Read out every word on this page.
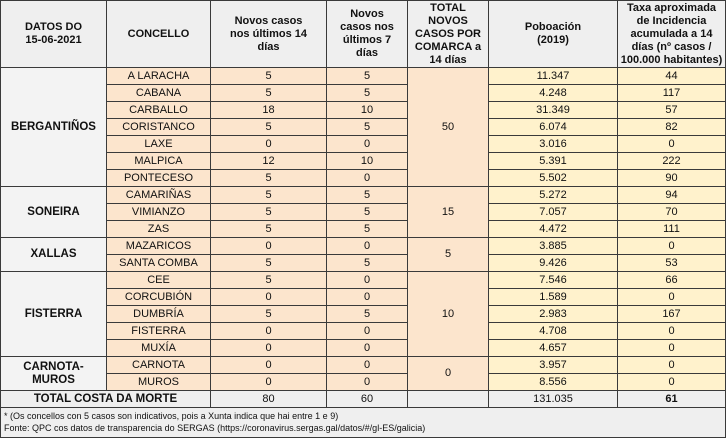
DATOS DO
15-06-2021	CONCELLO	Novos casos nos últimos 14 días	Novos casos nos últimos 7 días	TOTAL NOVOS CASOS POR COMARCA a 14 días	Poboación (2019)	Taxa aproximada de Incidencia acumulada a 14 días (nº casos / 100.000 habitantes)
BERGANTIÑOS	A LARACHA	5	5	50	11.347	44
	CABANA	5	5		4.248	117
	CARBALLO	18	10		31.349	57
	CORISTANCO	5	5		6.074	82
	LAXE	0	0		3.016	0
	MALPICA	12	10		5.391	222
	PONTECESO	5	0		5.502	90
SONEIRA	CAMARIÑAS	5	5	15	5.272	94
	VIMIANZO	5	5		7.057	70
	ZAS	5	5		4.472	111
XALLAS	MAZARICOS	0	0	5	3.885	0
	SANTA COMBA	5	5		9.426	53
FISTERRA	CEE	5	0	10	7.546	66
	CORCUBIÓN	0	0		1.589	0
	DUMBRÍA	5	5		2.983	167
	FISTERRA	0	0		4.708	0
	MUXÍA	0	0		4.657	0
CARNOTA-MUROS	CARNOTA	0	0	0	3.957	0
	MUROS	0	0		8.556	0
TOTAL COSTA DA MORTE		80	60		131.035	61

* (Os concellos con 5 casos son indicativos, pois a Xunta indica que hai entre 1 e 9)
Fonte: QPC cos datos de transparencia do SERGAS (https://coronavirus.sergas.gal/datos/#/gl-ES/galicia)						
